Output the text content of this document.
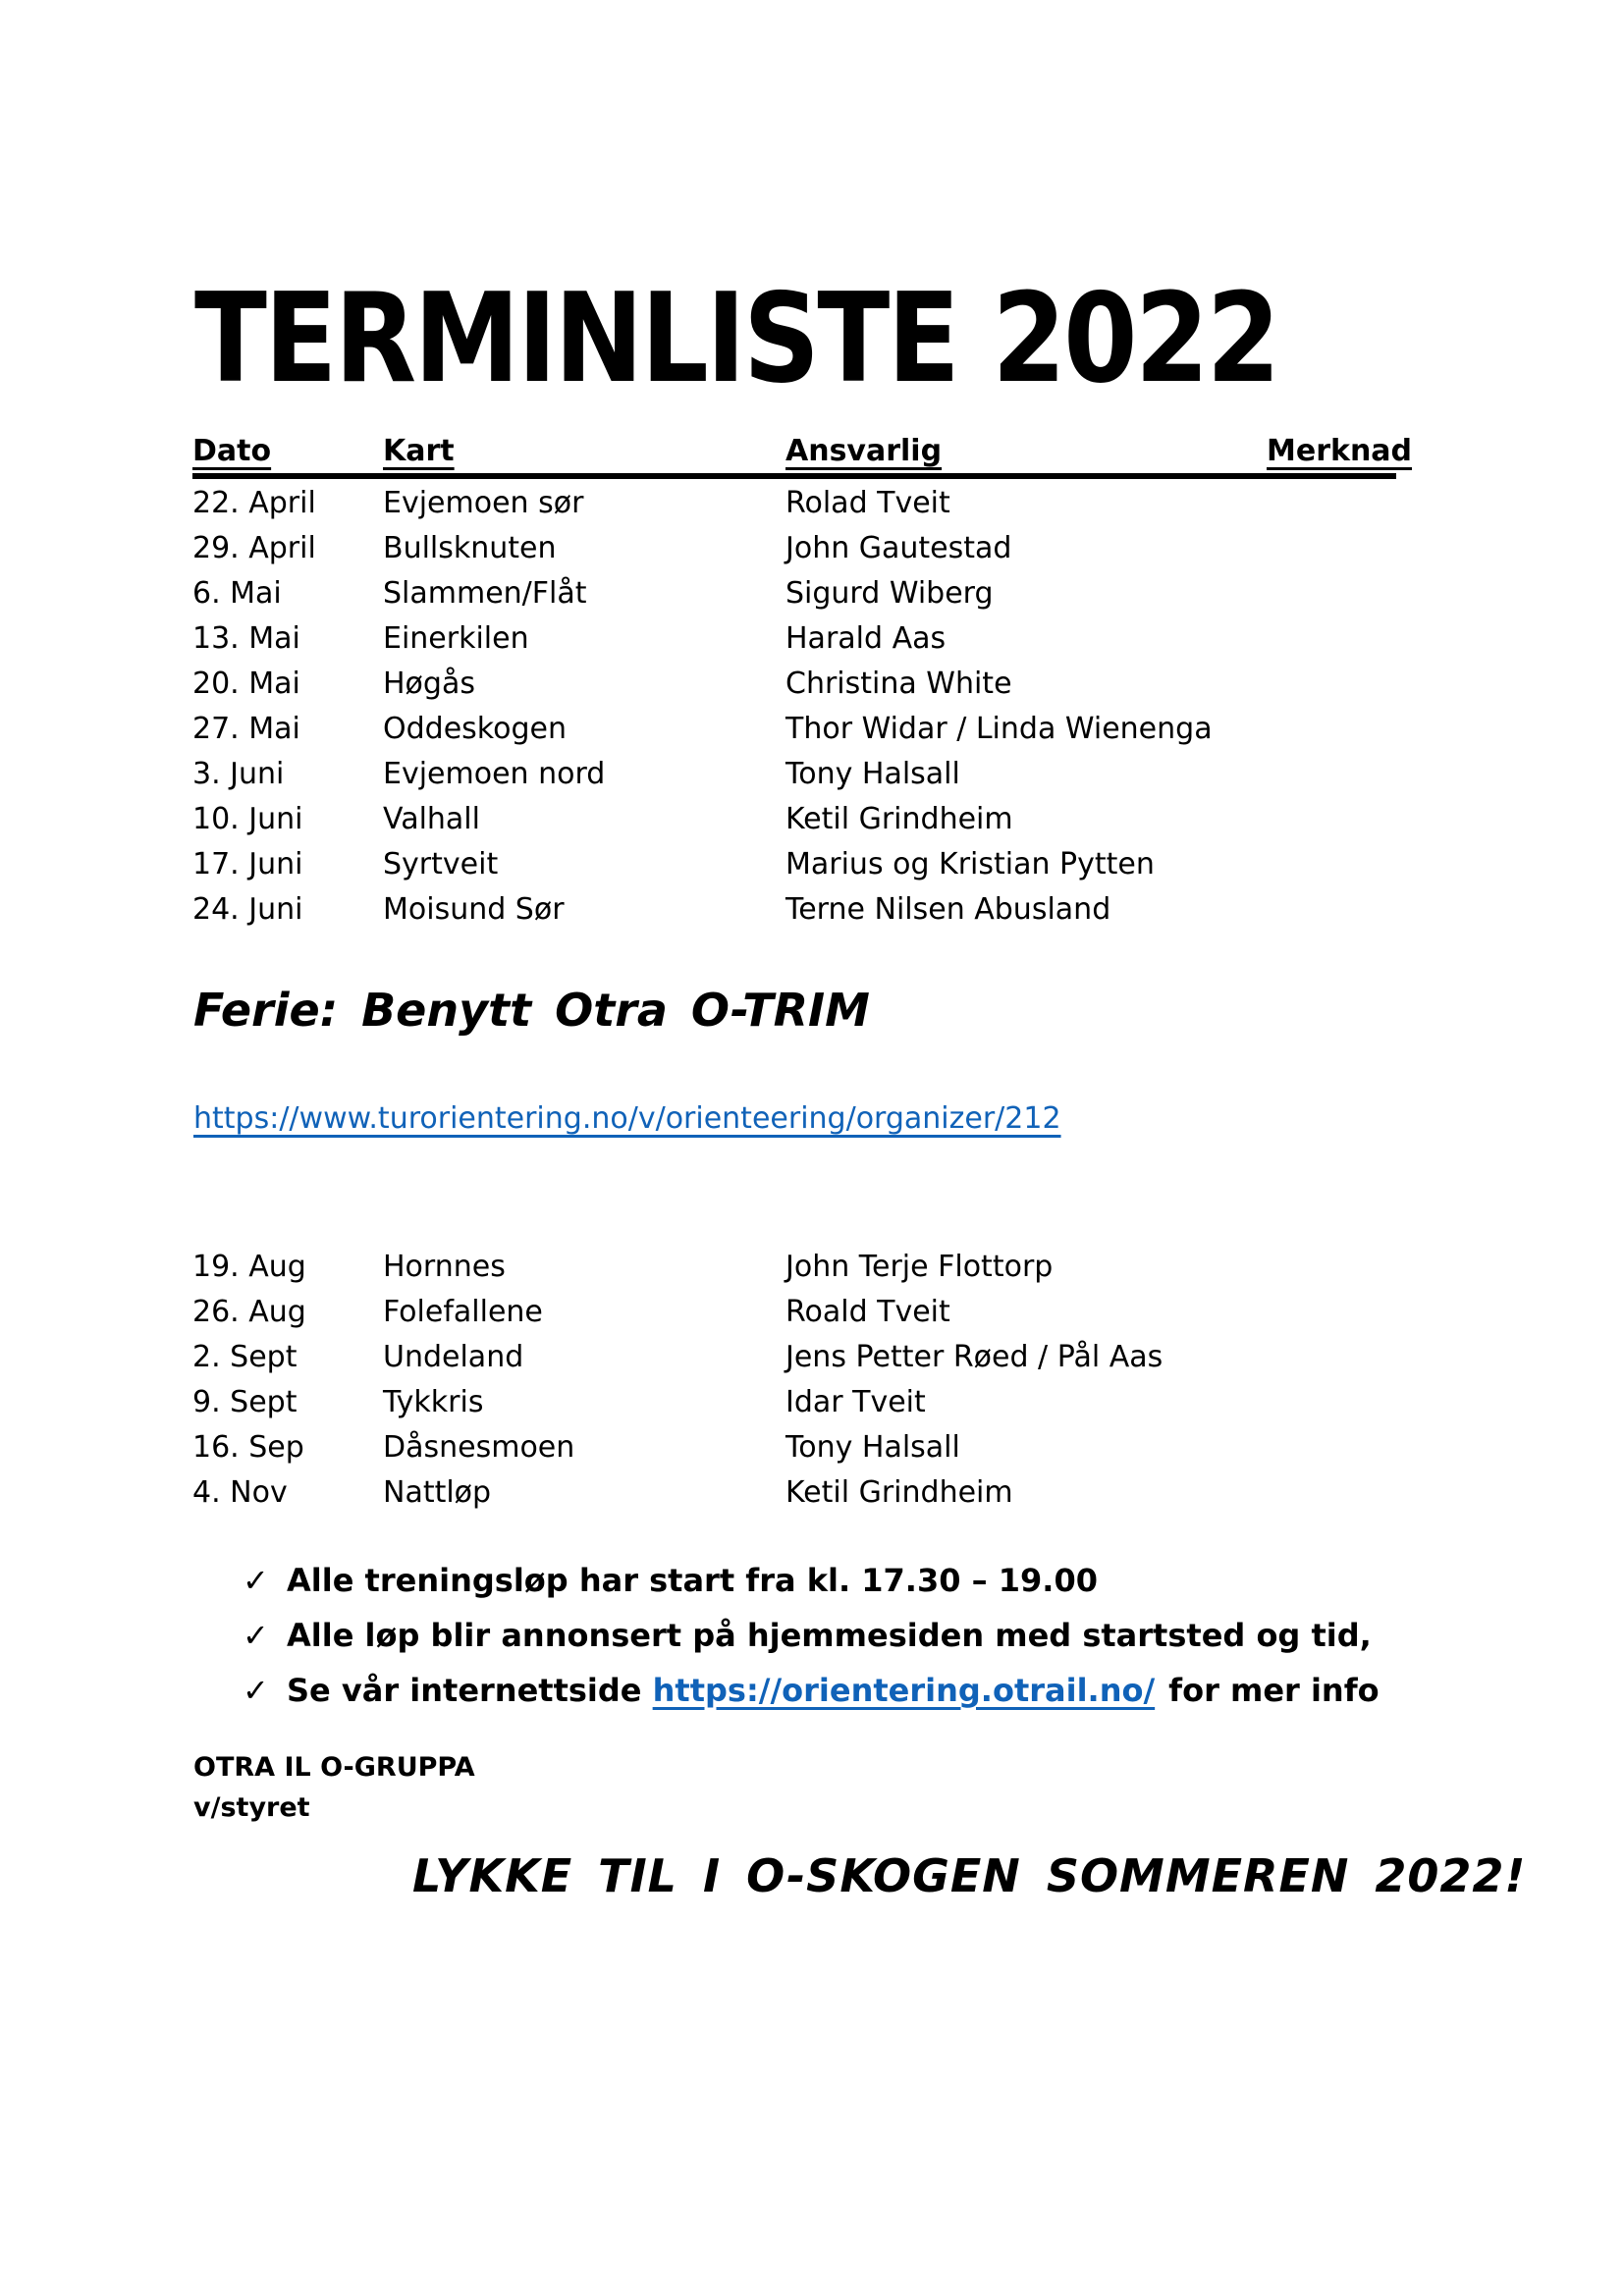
TERMINLISTE 2022
Dato	Kart	Ansvarlig	Merknad
22. April	Evjemoen sør	Rolad Tveit
29. April	Bullsknuten	John Gautestad
6. Mai	Slammen/Flåt	Sigurd Wiberg
13. Mai	Einerkilen	Harald Aas
20. Mai	Høgås	Christina White
27. Mai	Oddeskogen	Thor Widar / Linda Wienenga
3. Juni	Evjemoen nord	Tony Halsall
10. Juni	Valhall	Ketil Grindheim
17. Juni	Syrtveit	Marius og Kristian Pytten
24. Juni	Moisund Sør	Terne Nilsen Abusland
Ferie: Benytt Otra O-TRIM
https://www.turorientering.no/v/orienteering/organizer/212
19. Aug	Hornnes	John Terje Flottorp
26. Aug	Folefallene	Roald Tveit
2. Sept	Undeland	Jens Petter Røed / Pål Aas
9. Sept	Tykkris	Idar Tveit
16. Sep	Dåsnesmoen	Tony Halsall
4. Nov	Nattløp	Ketil Grindheim
✓ Alle treningsløp har start fra kl. 17.30 – 19.00
✓ Alle løp blir annonsert på hjemmesiden med startsted og tid,
✓ Se vår internettside https://orientering.otrail.no/ for mer info
OTRA IL O-GRUPPA
v/styret
LYKKE TIL I O-SKOGEN SOMMEREN 2022!
